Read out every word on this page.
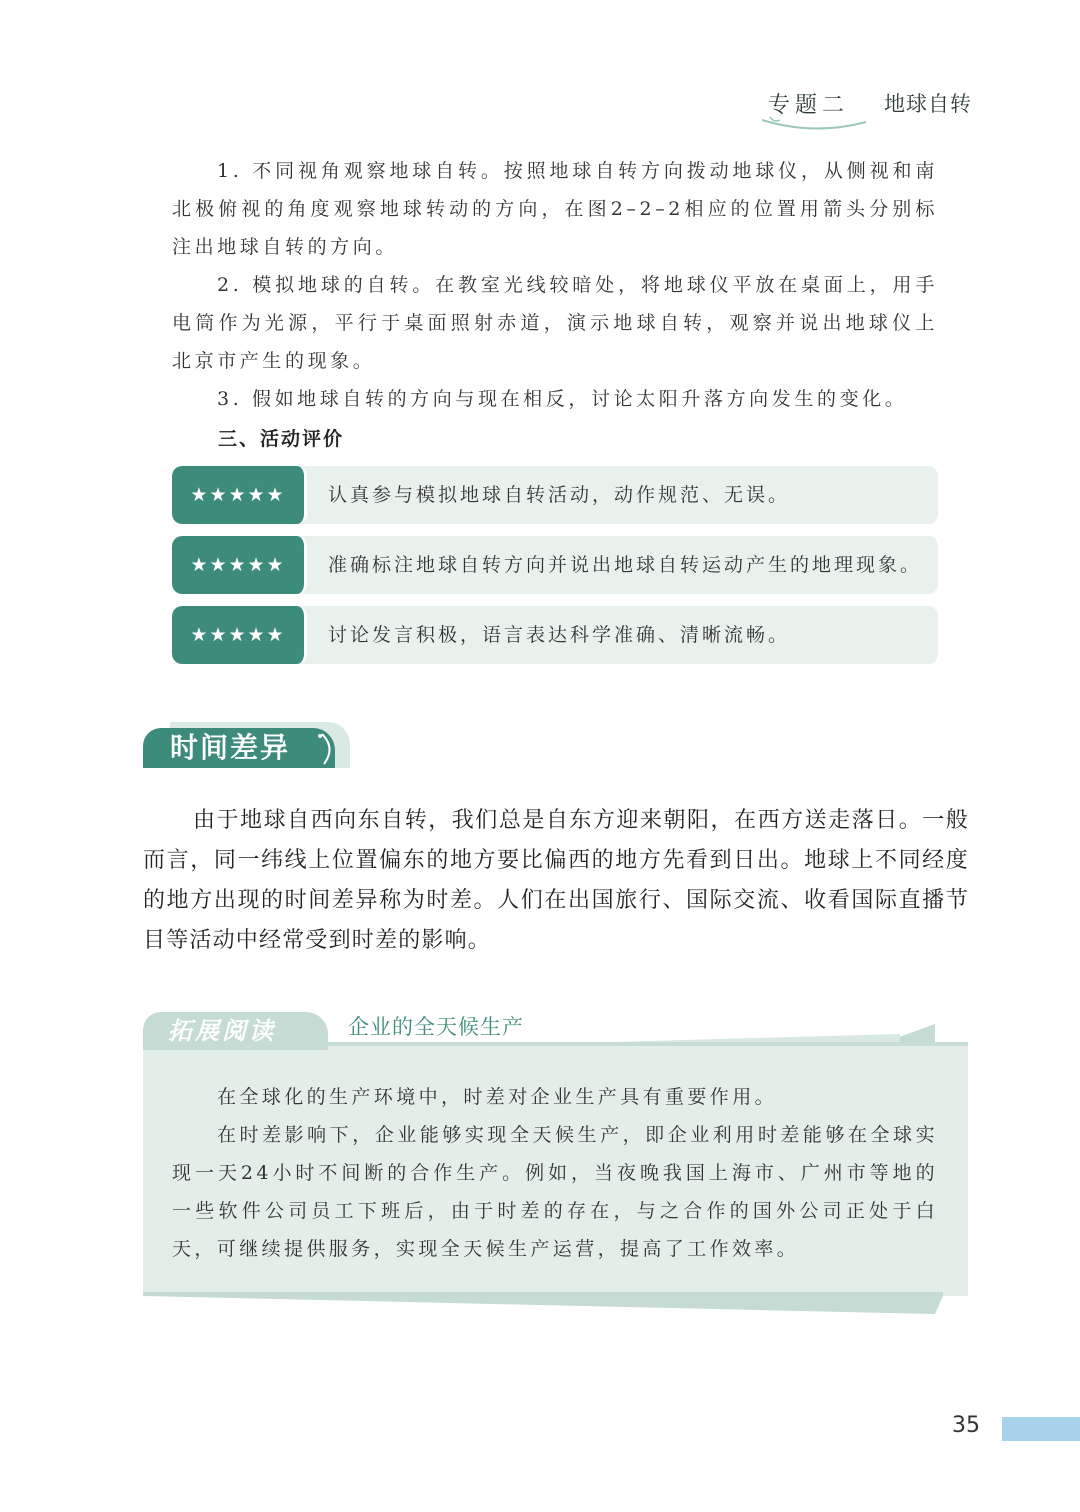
专题二 地球自转
1. 不同视角观察地球自转。按照地球自转方向拨动地球仪，从侧视和南北极俯视的角度观察地球转动的方向，在图2–2–2相应的位置用箭头分别标注出地球自转的方向。
2. 模拟地球的自转。在教室光线较暗处，将地球仪平放在桌面上，用手电筒作为光源，平行于桌面照射赤道，演示地球自转，观察并说出地球仪上北京市产生的现象。
3. 假如地球自转的方向与现在相反，讨论太阳升落方向发生的变化。
三、活动评价
★★★★★	认真参与模拟地球自转活动，动作规范、无误。
★★★★★	准确标注地球自转方向并说出地球自转运动产生的地理现象。
★★★★★	讨论发言积极，语言表达科学准确、清晰流畅。
时间差异
由于地球自西向东自转，我们总是自东方迎来朝阳，在西方送走落日。一般而言，同一纬线上位置偏东的地方要比偏西的地方先看到日出。地球上不同经度的地方出现的时间差异称为时差。人们在出国旅行、国际交流、收看国际直播节目等活动中经常受到时差的影响。
拓展阅读	企业的全天候生产
在全球化的生产环境中，时差对企业生产具有重要作用。
在时差影响下，企业能够实现全天候生产，即企业利用时差能够在全球实现一天24小时不间断的合作生产。例如，当夜晚我国上海市、广州市等地的一些软件公司员工下班后，由于时差的存在，与之合作的国外公司正处于白天，可继续提供服务，实现全天候生产运营，提高了工作效率。
35
